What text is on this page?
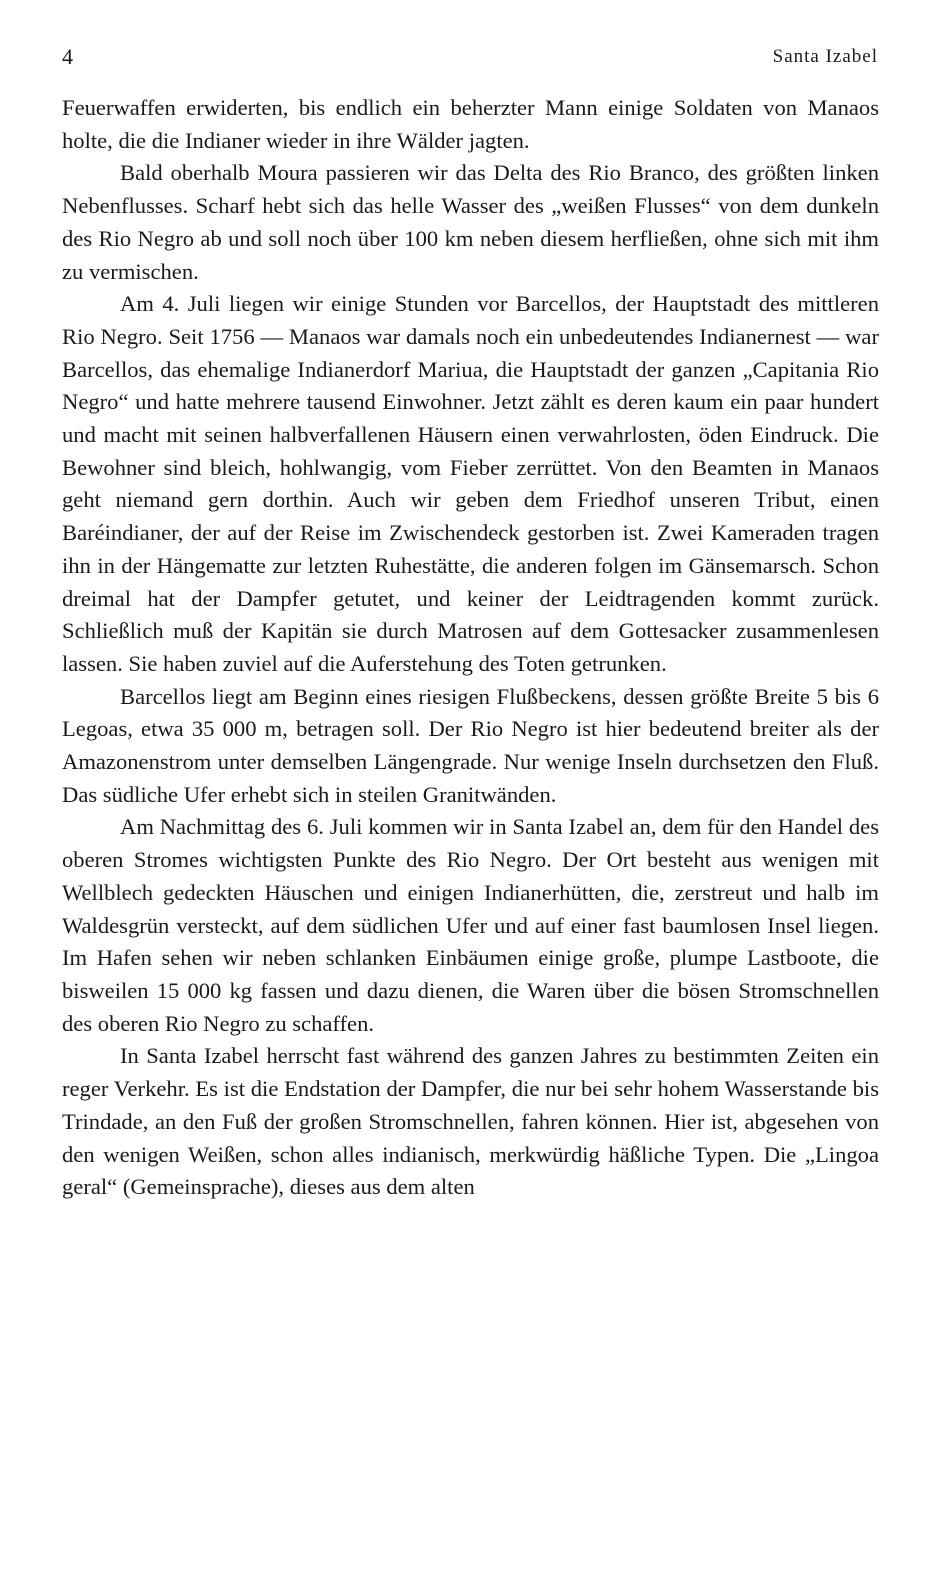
4	Santa Izabel

Feuerwaffen erwiderten, bis endlich ein beherzter Mann einige Soldaten von Manaos holte, die die Indianer wieder in ihre Wälder jagten.

Bald oberhalb Moura passieren wir das Delta des Rio Branco, des größten linken Nebenflusses. Scharf hebt sich das helle Wasser des „weißen Flusses“ von dem dunkeln des Rio Negro ab und soll noch über 100 km neben diesem herfließen, ohne sich mit ihm zu vermischen.

Am 4. Juli liegen wir einige Stunden vor Barcellos, der Hauptstadt des mittleren Rio Negro. Seit 1756 — Manaos war damals noch ein unbedeutendes Indianernest — war Barcellos, das ehemalige Indianerdorf Mariua, die Hauptstadt der ganzen „Capitania Rio Negro“ und hatte mehrere tausend Einwohner. Jetzt zählt es deren kaum ein paar hundert und macht mit seinen halbverfallenen Häusern einen verwahrlosten, öden Eindruck. Die Bewohner sind bleich, hohlwangig, vom Fieber zerrüttet. Von den Beamten in Manaos geht niemand gern dorthin. Auch wir geben dem Friedhof unseren Tribut, einen Baréindianer, der auf der Reise im Zwischendeck gestorben ist. Zwei Kameraden tragen ihn in der Hängematte zur letzten Ruhestätte, die anderen folgen im Gänsemarsch. Schon dreimal hat der Dampfer getutet, und keiner der Leidtragenden kommt zurück. Schließlich muß der Kapitän sie durch Matrosen auf dem Gottesacker zusammenlesen lassen. Sie haben zuviel auf die Auferstehung des Toten getrunken.

Barcellos liegt am Beginn eines riesigen Flußbeckens, dessen größte Breite 5 bis 6 Legoas, etwa 35 000 m, betragen soll. Der Rio Negro ist hier bedeutend breiter als der Amazonenstrom unter demselben Längengrade. Nur wenige Inseln durchsetzen den Fluß. Das südliche Ufer erhebt sich in steilen Granitwänden.

Am Nachmittag des 6. Juli kommen wir in Santa Izabel an, dem für den Handel des oberen Stromes wichtigsten Punkte des Rio Negro. Der Ort besteht aus wenigen mit Wellblech gedeckten Häuschen und einigen Indianerhütten, die, zerstreut und halb im Waldesgrün versteckt, auf dem südlichen Ufer und auf einer fast baumlosen Insel liegen. Im Hafen sehen wir neben schlanken Einbäumen einige große, plumpe Lastboote, die bisweilen 15 000 kg fassen und dazu dienen, die Waren über die bösen Stromschnellen des oberen Rio Negro zu schaffen.

In Santa Izabel herrscht fast während des ganzen Jahres zu bestimmten Zeiten ein reger Verkehr. Es ist die Endstation der Dampfer, die nur bei sehr hohem Wasserstande bis Trindade, an den Fuß der großen Stromschnellen, fahren können. Hier ist, abgesehen von den wenigen Weißen, schon alles indianisch, merkwürdig häßliche Typen. Die „Lingoa geral“ (Gemeinsprache), dieses aus dem alten
